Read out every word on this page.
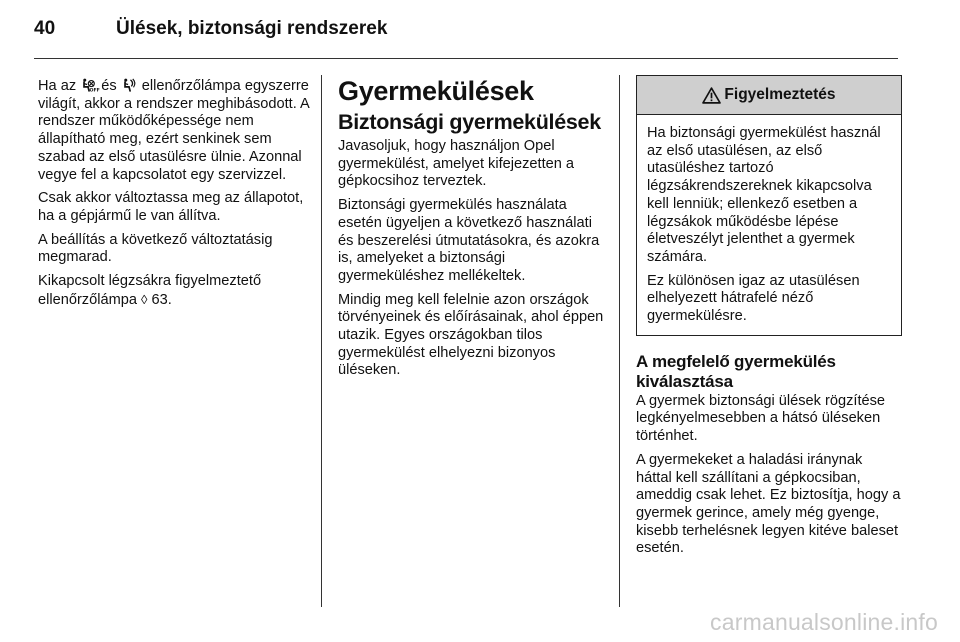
40	Ülések, biztonsági rendszerek

Ha az	OFF és ellenőrzőlámpa egyszerre világít, akkor a rendszer meghibásodott. A rendszer működőképessége nem állapítható meg, ezért senkinek sem szabad az első utasülésre ülnie. Azonnal vegye fel a kapcsolatot egy szervizzel.

Csak akkor változtassa meg az állapotot, ha a gépjármű le van állítva.

A beállítás a következő változtatásig megmarad.

Kikapcsolt légzsákra figyelmeztető ellenőrzőlámpa ◊ 63.

Gyermekülések
Biztonsági gyermekülések

Javasoljuk, hogy használjon Opel gyermekülést, amelyet kifejezetten a gépkocsihoz terveztek.

Biztonsági gyermekülés használata esetén ügyeljen a következő használati és beszerelési útmutatásokra, és azokra is, amelyeket a biztonsági gyermeküléshez mellékeltek.

Mindig meg kell felelnie azon országok törvényeinek és előírásainak, ahol éppen utazik. Egyes országokban tilos gyermekülést elhelyezni bizonyos üléseken.

Figyelmeztetés

Ha biztonsági gyermekülést használ az első utasülésen, az első utasüléshez tartozó légzsákrendszereknek kikapcsolva kell lenniük; ellenkező esetben a légzsákok működésbe lépése életveszélyt jelenthet a gyermek számára.

Ez különösen igaz az utasülésen elhelyezett hátrafelé néző gyermekülésre.

A megfelelő gyermekülés kiválasztása

A gyermek biztonsági ülések rögzítése legkényelmesebben a hátsó üléseken történhet.

A gyermekeket a haladási iránynak háttal kell szállítani a gépkocsiban, ameddig csak lehet. Ez biztosítja, hogy a gyermek gerince, amely még gyenge, kisebb terhelésnek legyen kitéve baleset esetén.

carmanualsonline.info
